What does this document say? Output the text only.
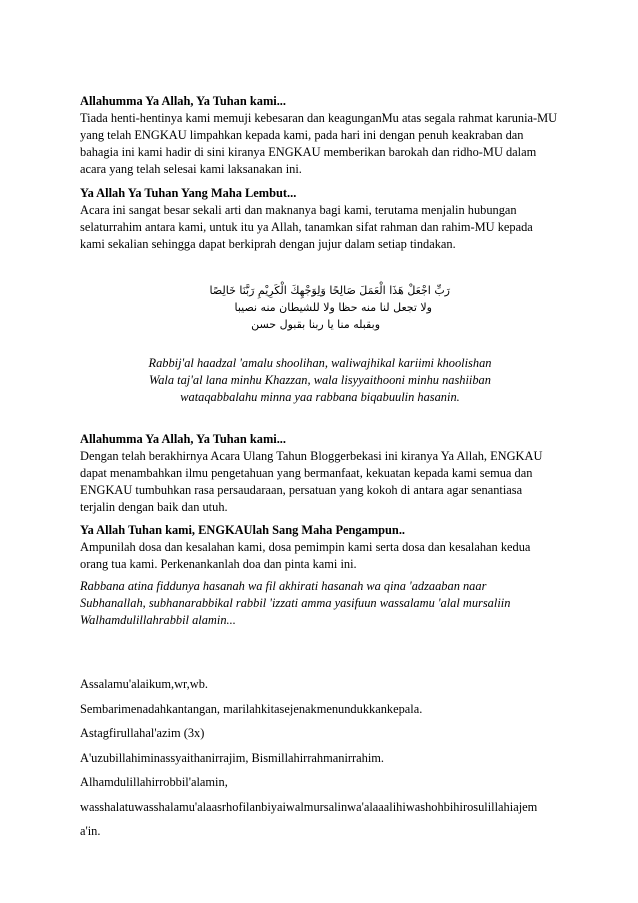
Allahumma Ya Allah, Ya Tuhan kami...

Tiada henti-hentinya kami memuji kebesaran dan keagunganMu atas segala rahmat karunia-MU yang telah ENGKAU limpahkan kepada kami, pada hari ini dengan penuh keakraban dan bahagia ini kami hadir di sini kiranya ENGKAU memberikan barokah dan ridho-MU dalam acara yang telah selesai kami laksanakan ini.

Ya Allah Ya Tuhan Yang Maha Lembut...

Acara ini sangat besar sekali arti dan maknanya bagi kami, terutama menjalin hubungan selaturrahim antara kami, untuk itu ya Allah, tanamkan sifat rahman dan rahim-MU kepada kami sekalian sehingga dapat berkiprah dengan jujur dalam setiap tindakan.

رَبِّ اجْعَلْ هَذَا الْعَمَلَ صَالِحًا وَلِوَجْهِكَ الْكَرِيْمِ رَبَّنَا خَالِصًا

ولا تجعل لنا منه حظا ولا للشيطان منه نصيبا

وبقبله منا يا ربنا بقبول حسن

Rabbij'al haadzal 'amalu shoolihan, waliwajhikal kariimi khoolishan

Wala taj'al lana minhu Khazzan, wala lisyyaithooni minhu nashiiban

wataqabbalahu minna yaa rabbana biqabuulin hasanin.

Allahumma Ya Allah, Ya Tuhan kami...

Dengan telah berakhirnya Acara Ulang Tahun Bloggerbekasi ini kiranya Ya Allah, ENGKAU dapat menambahkan ilmu pengetahuan yang bermanfaat, kekuatan kepada kami semua dan ENGKAU tumbuhkan rasa persaudaraan, persatuan yang kokoh di antara agar senantiasa terjalin dengan baik dan utuh.

Ya Allah Tuhan kami, ENGKAUlah Sang Maha Pengampun..

Ampunilah dosa dan kesalahan kami, dosa pemimpin kami serta dosa dan kesalahan kedua orang tua kami. Perkenankanlah doa dan pinta kami ini.

Rabbana atina fiddunya hasanah wa fil akhirati hasanah wa qina 'adzaaban naar

Subhanallah, subhanarabbikal rabbil 'izzati amma yasifuun wassalamu 'alal mursaliin

Walhamdulillahrabbil alamin...

Assalamu'alaikum,wr,wb.

Sembarimenadahkantangan, marilahkitasejenakmenundukkankepala.

Astagfirullahal'azim (3x)

A'uzubillahiminassyaithanirrajim, Bismillahirrahmanirrahim.

Alhamdulillahirrobbil'alamin,

wasshalatuwasshalamu'alaasrhofilanbiyaiwalmursalinwa'alaaalihiwashohbihirosulillahiajem

a'in.
